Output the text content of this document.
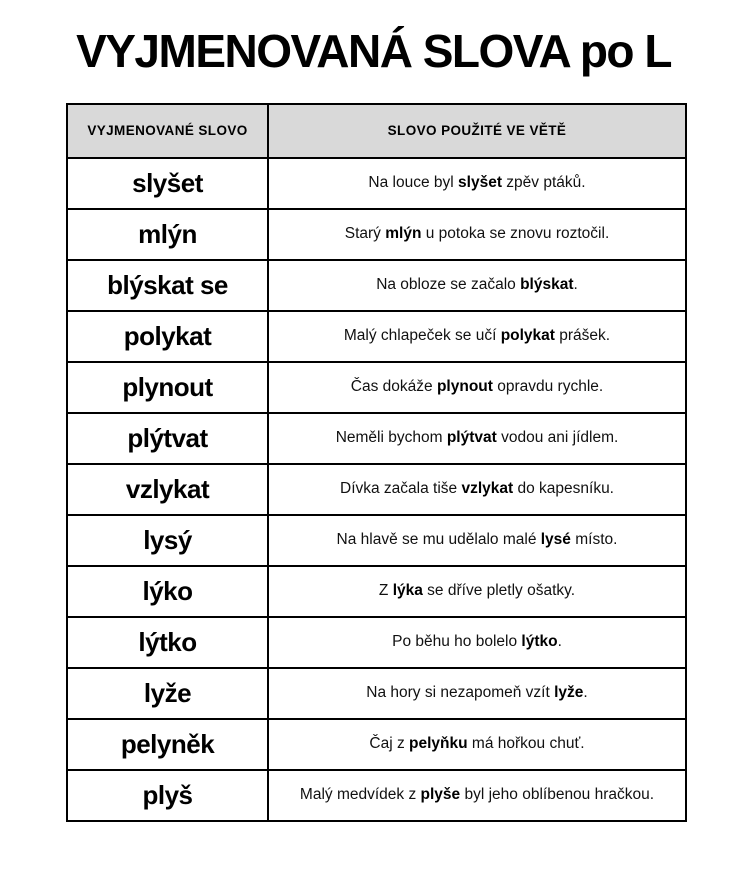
VYJMENOVANÁ SLOVA po L
VYJMENOVANÉ SLOVO	SLOVO POUŽITÉ VE VĚTĚ
slyšet	Na louce byl slyšet zpěv ptáků.
mlýn	Starý mlýn u potoka se znovu roztočil.
blýskat se	Na obloze se začalo blýskat.
polykat	Malý chlapeček se učí polykat prášek.
plynout	Čas dokáže plynout opravdu rychle.
plýtvat	Neměli bychom plýtvat vodou ani jídlem.
vzlykat	Dívka začala tiše vzlykat do kapesníku.
lysý	Na hlavě se mu udělalo malé lysé místo.
lýko	Z lýka se dříve pletly ošatky.
lýtko	Po běhu ho bolelo lýtko.
lyže	Na hory si nezapomeň vzít lyže.
pelyněk	Čaj z pelyňku má hořkou chuť.
plyš	Malý medvídek z plyše byl jeho oblíbenou hračkou.
